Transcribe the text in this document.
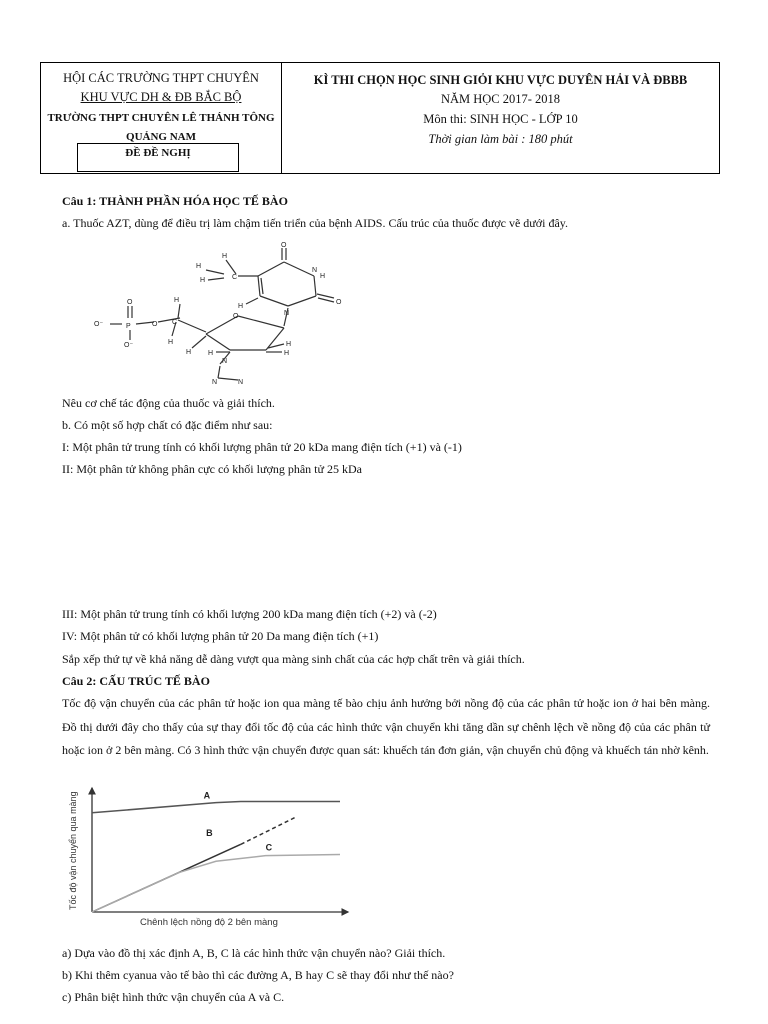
HỘI CÁC TRƯỜNG THPT CHUYÊN
KHU VỰC DH & ĐB BẮC BỘ
TRƯỜNG THPT CHUYÊN LÊ THÁNH TÔNG
QUẢNG NAM
ĐỀ ĐỀ NGHỊ
KÌ THI CHỌN HỌC SINH GIỎI KHU VỰC DUYÊN HẢI VÀ ĐBBB
NĂM HỌC 2017- 2018
Môn thi: SINH HỌC - LỚP 10
Thời gian làm bài : 180 phút
Câu 1: THÀNH PHẦN HÓA HỌC TẾ BÀO
a. Thuốc AZT, dùng để điều trị làm chậm tiến triển của bệnh AIDS. Cấu trúc của thuốc được vẽ dưới đây.
H
H
H
C
O
N
H
O
H
N
O
H
C
H
O
P
O
O⁻
O⁻
H H	H
H
N
N	N
Nêu cơ chế tác động của thuốc và giải thích.
b. Có một số hợp chất có đặc điểm như sau:
I: Một phân tử trung tính có khối lượng phân tử 20 kDa mang điện tích (+1) và (-1)
II: Một phân tử không phân cực có khối lượng phân tử 25 kDa
III: Một phân tử trung tính có khối lượng 200 kDa mang điện tích (+2) và (-2)
IV: Một phân tử có khối lượng phân tử 20 Da mang điện tích (+1)
Sắp xếp thứ tự về khả năng dễ dàng vượt qua màng sinh chất của các hợp chất trên và giải thích.
Câu 2: CẤU TRÚC TẾ BÀO
Tốc độ vận chuyển của các phân tử hoặc ion qua màng tế bào chịu ảnh hưởng bởi nồng độ của các phân tử hoặc ion ở hai bên màng. Đồ thị dưới đây cho thấy của sự thay đổi tốc độ của các hình thức vận chuyển khi tăng dần sự chênh lệch về nồng độ của các phân tử hoặc ion ở 2 bên màng. Có 3 hình thức vận chuyển được quan sát: khuếch tán đơn giản, vận chuyển chủ động và khuếch tán nhờ kênh.
A
B
C
Tốc độ vận chuyển qua màng
Chênh lệch nồng độ 2 bên màng
a) Dựa vào đồ thị xác định A, B, C là các hình thức vận chuyển nào? Giải thích.
b) Khi thêm cyanua vào tế bào thì các đường A, B hay C sẽ thay đổi như thế nào?
c) Phân biệt hình thức vận chuyển của A và C.
